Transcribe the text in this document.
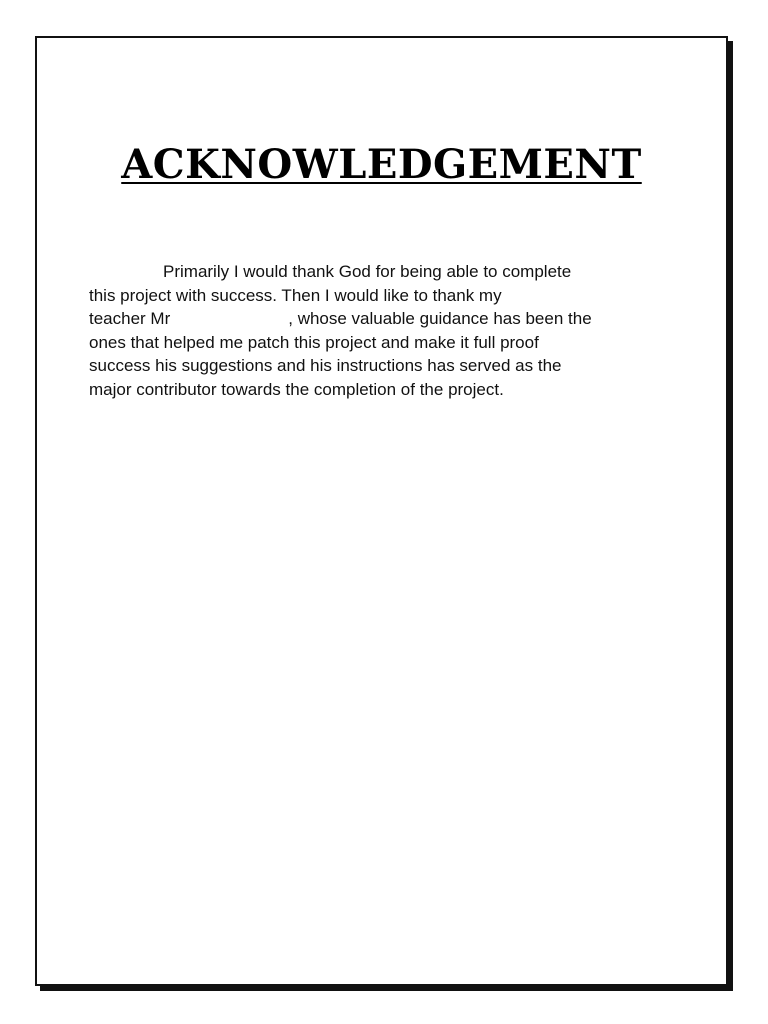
ACKNOWLEDGEMENT

Primarily I would thank God for being able to complete
this project with success. Then I would like to thank my
teacher Mr	, whose valuable guidance has been the
ones that helped me patch this project and make it full proof
success his suggestions and his instructions has served as the
major contributor towards the completion of the project.
